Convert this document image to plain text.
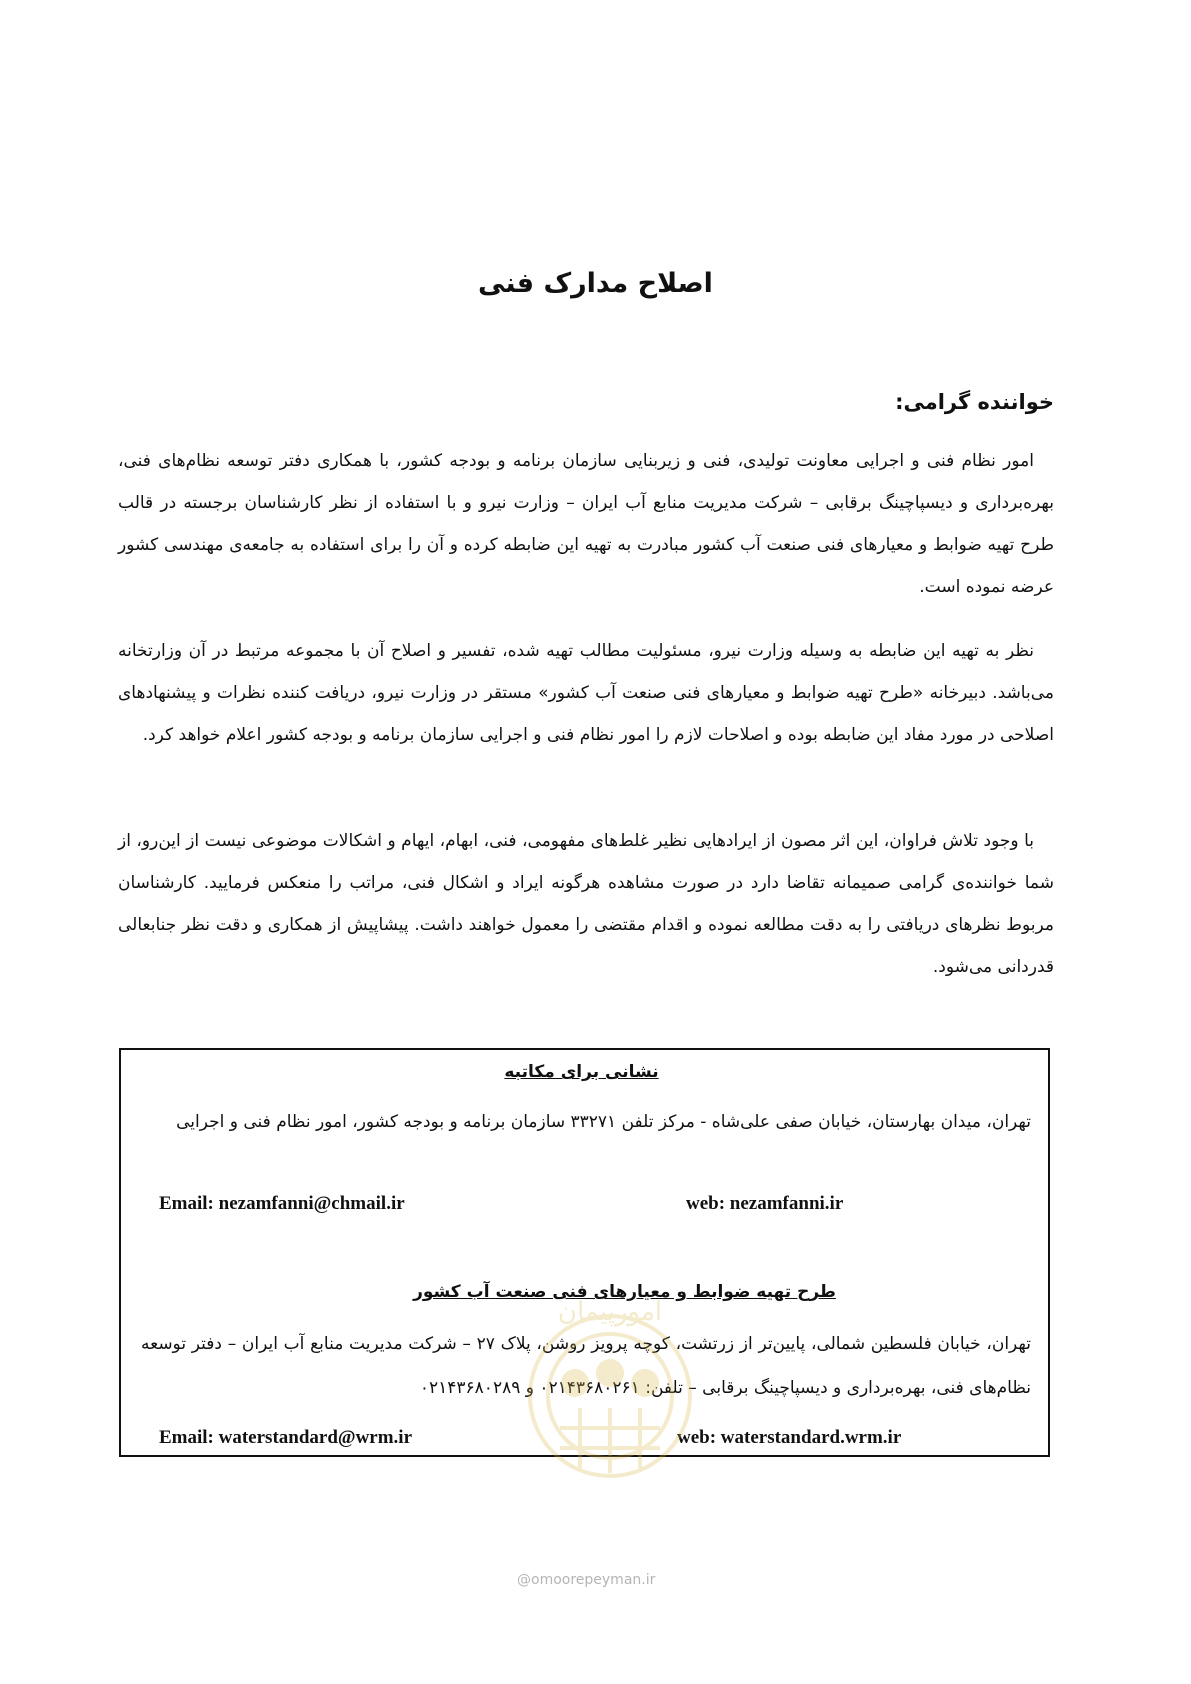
اصلاح مدارک فنی
خواننده گرامی:

امور نظام فنی و اجرایی معاونت تولیدی، فنی و زیربنایی سازمان برنامه و بودجه کشور، با همکاری دفتر توسعه نظام‌های فنی، بهره‌برداری و دیسپاچینگ برقابی – شرکت مدیریت منابع آب ایران – وزارت نیرو و با استفاده از نظر کارشناسان برجسته در قالب طرح تهیه ضوابط و معیارهای فنی صنعت آب کشور مبادرت به تهیه این ضابطه کرده و آن را برای استفاده به جامعه‌ی مهندسی کشور عرضه نموده است.

نظر به تهیه این ضابطه به وسیله وزارت نیرو، مسئولیت مطالب تهیه شده، تفسیر و اصلاح آن با مجموعه مرتبط در آن وزارتخانه می‌باشد. دبیرخانه «طرح تهیه ضوابط و معیارهای فنی صنعت آب کشور» مستقر در وزارت نیرو، دریافت کننده نظرات و پیشنهادهای اصلاحی در مورد مفاد این ضابطه بوده و اصلاحات لازم را امور نظام فنی و اجرایی سازمان برنامه و بودجه کشور اعلام خواهد کرد.

با وجود تلاش فراوان، این اثر مصون از ایرادهایی نظیر غلط‌های مفهومی، فنی، ابهام، ایهام و اشکالات موضوعی نیست از این‌رو، از شما خواننده‌ی گرامی صمیمانه تقاضا دارد در صورت مشاهده هرگونه ایراد و اشکال فنی، مراتب را منعکس فرمایید. کارشناسان مربوط نظرهای دریافتی را به دقت مطالعه نموده و اقدام مقتضی را معمول خواهند داشت. پیشاپیش از همکاری و دقت نظر جنابعالی قدردانی می‌شود.

نشانی برای مکاتبه

تهران، میدان بهارستان، خیابان صفی علی‌شاه - مرکز تلفن ۳۳۲۷۱ سازمان برنامه و بودجه کشور، امور نظام فنی و اجرایی

Email: nezamfanni@chmail.ir	web: nezamfanni.ir
طرح تهیه ضوابط و معیارهای فنی صنعت آب کشور

تهران، خیابان فلسطین شمالی، پایین‌تر از زرتشت، کوچه پرویز روشن، پلاک ۲۷ – شرکت مدیریت منابع آب ایران – دفتر توسعه نظام‌های فنی، بهره‌برداری و دیسپاچینگ برقابی – تلفن: ۰۲۱۴۳۶۸۰۲۶۱ و ۰۲۱۴۳۶۸۰۲۸۹

Email: waterstandard@wrm.ir	web: waterstandard.wrm.ir
امورپیمان
@omoorepeyman.ir
